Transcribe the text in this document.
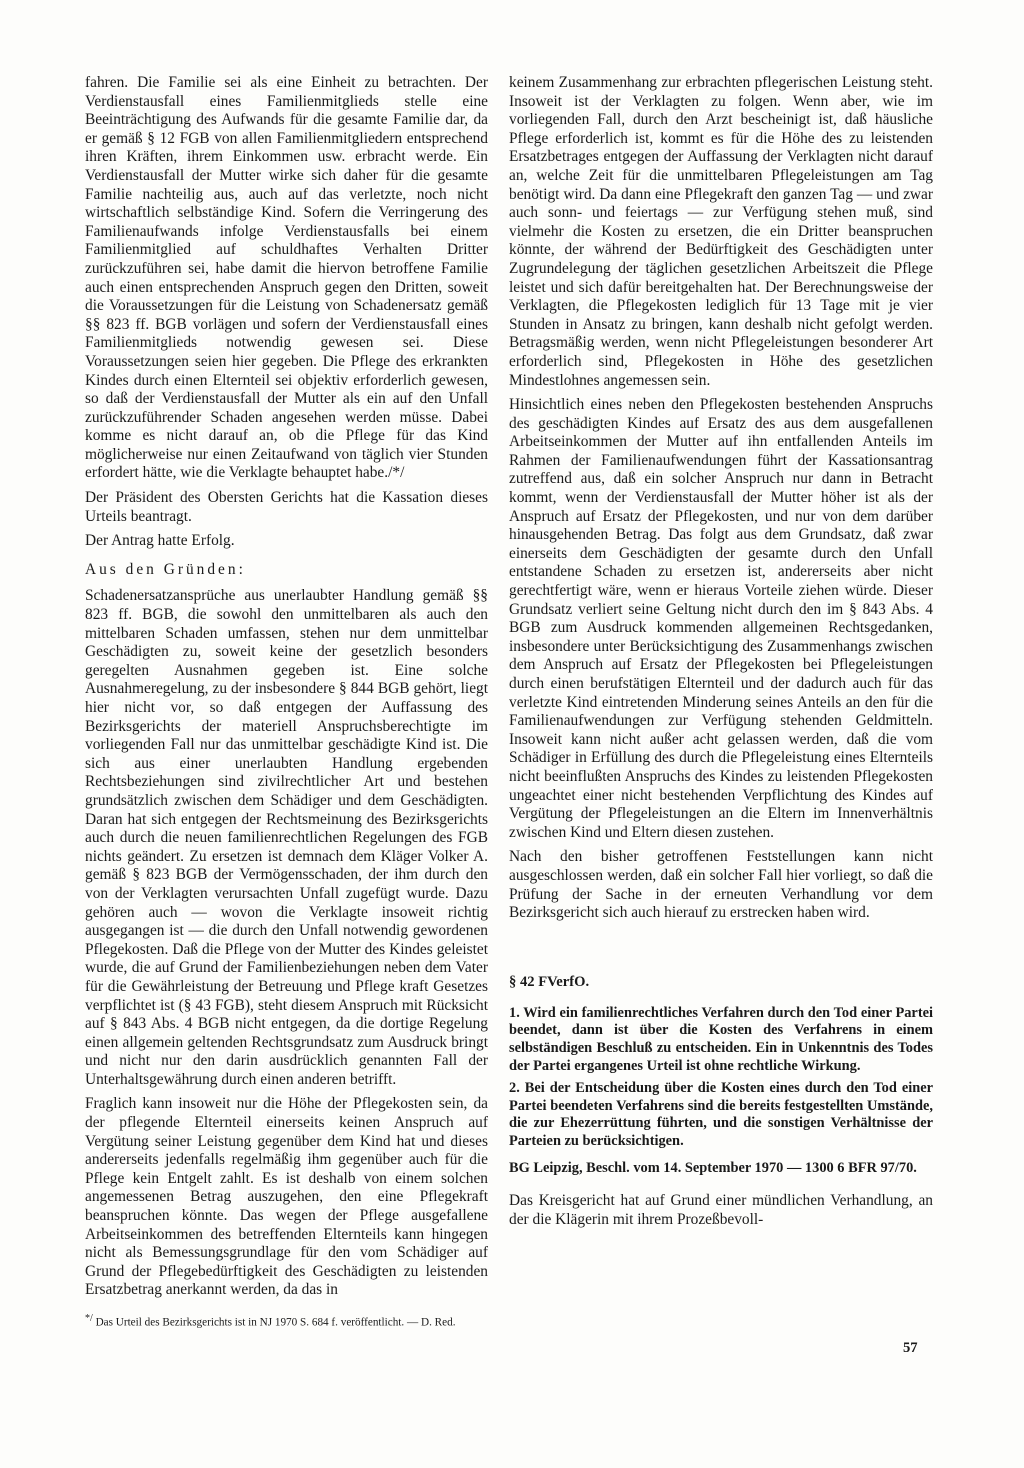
fahren. Die Familie sei als eine Einheit zu betrachten. Der Verdienstausfall eines Familienmitglieds stelle eine Beeinträchtigung des Aufwands für die gesamte Familie dar, da er gemäß § 12 FGB von allen Familienmitgliedern entsprechend ihren Kräften, ihrem Einkommen usw. erbracht werde. Ein Verdienstausfall der Mutter wirke sich daher für die gesamte Familie nachteilig aus, auch auf das verletzte, noch nicht wirtschaftlich selbständige Kind. Sofern die Verringerung des Familienaufwands infolge Verdienstausfalls bei einem Familienmitglied auf schuldhaftes Verhalten Dritter zurückzuführen sei, habe damit die hiervon betroffene Familie auch einen entsprechenden Anspruch gegen den Dritten, soweit die Voraussetzungen für die Leistung von Schadenersatz gemäß §§ 823 ff. BGB vorlägen und sofern der Verdienstausfall eines Familienmitglieds notwendig gewesen sei. Diese Voraussetzungen seien hier gegeben. Die Pflege des erkrankten Kindes durch einen Elternteil sei objektiv erforderlich gewesen, so daß der Verdienstausfall der Mutter als ein auf den Unfall zurückzuführender Schaden angesehen werden müsse. Dabei komme es nicht darauf an, ob die Pflege für das Kind möglicherweise nur einen Zeitaufwand von täglich vier Stunden erfordert hätte, wie die Verklagte behauptet habe./*/

Der Präsident des Obersten Gerichts hat die Kassation dieses Urteils beantragt.

Der Antrag hatte Erfolg.

Aus den Gründen:

Schadenersatzansprüche aus unerlaubter Handlung gemäß §§ 823 ff. BGB, die sowohl den unmittelbaren als auch den mittelbaren Schaden umfassen, stehen nur dem unmittelbar Geschädigten zu, soweit keine der gesetzlich besonders geregelten Ausnahmen gegeben ist. Eine solche Ausnahmeregelung, zu der insbesondere § 844 BGB gehört, liegt hier nicht vor, so daß entgegen der Auffassung des Bezirksgerichts der materiell Anspruchsberechtigte im vorliegenden Fall nur das unmittelbar geschädigte Kind ist. Die sich aus einer unerlaubten Handlung ergebenden Rechtsbeziehungen sind zivilrechtlicher Art und bestehen grundsätzlich zwischen dem Schädiger und dem Geschädigten. Daran hat sich entgegen der Rechtsmeinung des Bezirksgerichts auch durch die neuen familienrechtlichen Regelungen des FGB nichts geändert. Zu ersetzen ist demnach dem Kläger Volker A. gemäß § 823 BGB der Vermögensschaden, der ihm durch den von der Verklagten verursachten Unfall zugefügt wurde. Dazu gehören auch — wovon die Verklagte insoweit richtig ausgegangen ist — die durch den Unfall notwendig gewordenen Pflegekosten. Daß die Pflege von der Mutter des Kindes geleistet wurde, die auf Grund der Familienbeziehungen neben dem Vater für die Gewährleistung der Betreuung und Pflege kraft Gesetzes verpflichtet ist (§ 43 FGB), steht diesem Anspruch mit Rücksicht auf § 843 Abs. 4 BGB nicht entgegen, da die dortige Regelung einen allgemein geltenden Rechtsgrundsatz zum Ausdruck bringt und nicht nur den darin ausdrücklich genannten Fall der Unterhaltsgewährung durch einen anderen betrifft.

Fraglich kann insoweit nur die Höhe der Pflegekosten sein, da der pflegende Elternteil einerseits keinen Anspruch auf Vergütung seiner Leistung gegenüber dem Kind hat und dieses andererseits jedenfalls regelmäßig ihm gegenüber auch für die Pflege kein Entgelt zahlt. Es ist deshalb von einem solchen angemessenen Betrag auszugehen, den eine Pflegekraft beanspruchen könnte. Das wegen der Pflege ausgefallene Arbeitseinkommen des betreffenden Elternteils kann hingegen nicht als Bemessungsgrundlage für den vom Schädiger auf Grund der Pflegebedürftigkeit des Geschädigten zu leistenden Ersatzbetrag anerkannt werden, da das in

*/ Das Urteil des Bezirksgerichts ist in NJ 1970 S. 684 f. veröffentlicht. — D. Red.

keinem Zusammenhang zur erbrachten pflegerischen Leistung steht. Insoweit ist der Verklagten zu folgen. Wenn aber, wie im vorliegenden Fall, durch den Arzt bescheinigt ist, daß häusliche Pflege erforderlich ist, kommt es für die Höhe des zu leistenden Ersatzbetrages entgegen der Auffassung der Verklagten nicht darauf an, welche Zeit für die unmittelbaren Pflegeleistungen am Tag benötigt wird. Da dann eine Pflegekraft den ganzen Tag — und zwar auch sonn- und feiertags — zur Verfügung stehen muß, sind vielmehr die Kosten zu ersetzen, die ein Dritter beanspruchen könnte, der während der Bedürftigkeit des Geschädigten unter Zugrundelegung der täglichen gesetzlichen Arbeitszeit die Pflege leistet und sich dafür bereitgehalten hat. Der Berechnungsweise der Verklagten, die Pflegekosten lediglich für 13 Tage mit je vier Stunden in Ansatz zu bringen, kann deshalb nicht gefolgt werden. Betragsmäßig werden, wenn nicht Pflegeleistungen besonderer Art erforderlich sind, Pflegekosten in Höhe des gesetzlichen Mindestlohnes angemessen sein.

Hinsichtlich eines neben den Pflegekosten bestehenden Anspruchs des geschädigten Kindes auf Ersatz des aus dem ausgefallenen Arbeitseinkommen der Mutter auf ihn entfallenden Anteils im Rahmen der Familienaufwendungen führt der Kassationsantrag zutreffend aus, daß ein solcher Anspruch nur dann in Betracht kommt, wenn der Verdienstausfall der Mutter höher ist als der Anspruch auf Ersatz der Pflegekosten, und nur von dem darüber hinausgehenden Betrag. Das folgt aus dem Grundsatz, daß zwar einerseits dem Geschädigten der gesamte durch den Unfall entstandene Schaden zu ersetzen ist, andererseits aber nicht gerechtfertigt wäre, wenn er hieraus Vorteile ziehen würde. Dieser Grundsatz verliert seine Geltung nicht durch den im § 843 Abs. 4 BGB zum Ausdruck kommenden allgemeinen Rechtsgedanken, insbesondere unter Berücksichtigung des Zusammenhangs zwischen dem Anspruch auf Ersatz der Pflegekosten bei Pflegeleistungen durch einen berufstätigen Elternteil und der dadurch auch für das verletzte Kind eintretenden Minderung seines Anteils an den für die Familienaufwendungen zur Verfügung stehenden Geldmitteln. Insoweit kann nicht außer acht gelassen werden, daß die vom Schädiger in Erfüllung des durch die Pflegeleistung eines Elternteils nicht beeinflußten Anspruchs des Kindes zu leistenden Pflegekosten ungeachtet einer nicht bestehenden Verpflichtung des Kindes auf Vergütung der Pflegeleistungen an die Eltern im Innenverhältnis zwischen Kind und Eltern diesen zustehen.

Nach den bisher getroffenen Feststellungen kann nicht ausgeschlossen werden, daß ein solcher Fall hier vorliegt, so daß die Prüfung der Sache in der erneuten Verhandlung vor dem Bezirksgericht sich auch hierauf zu erstrecken haben wird.

§ 42 FVerfO.

1. Wird ein familienrechtliches Verfahren durch den Tod einer Partei beendet, dann ist über die Kosten des Verfahrens in einem selbständigen Beschluß zu entscheiden. Ein in Unkenntnis des Todes der Partei ergangenes Urteil ist ohne rechtliche Wirkung.

2. Bei der Entscheidung über die Kosten eines durch den Tod einer Partei beendeten Verfahrens sind die bereits festgestellten Umstände, die zur Ehezerrüttung führten, und die sonstigen Verhältnisse der Parteien zu berücksichtigen.

BG Leipzig, Beschl. vom 14. September 1970 — 1300 6 BFR 97/70.

Das Kreisgericht hat auf Grund einer mündlichen Verhandlung, an der die Klägerin mit ihrem Prozeßbevoll-

57
